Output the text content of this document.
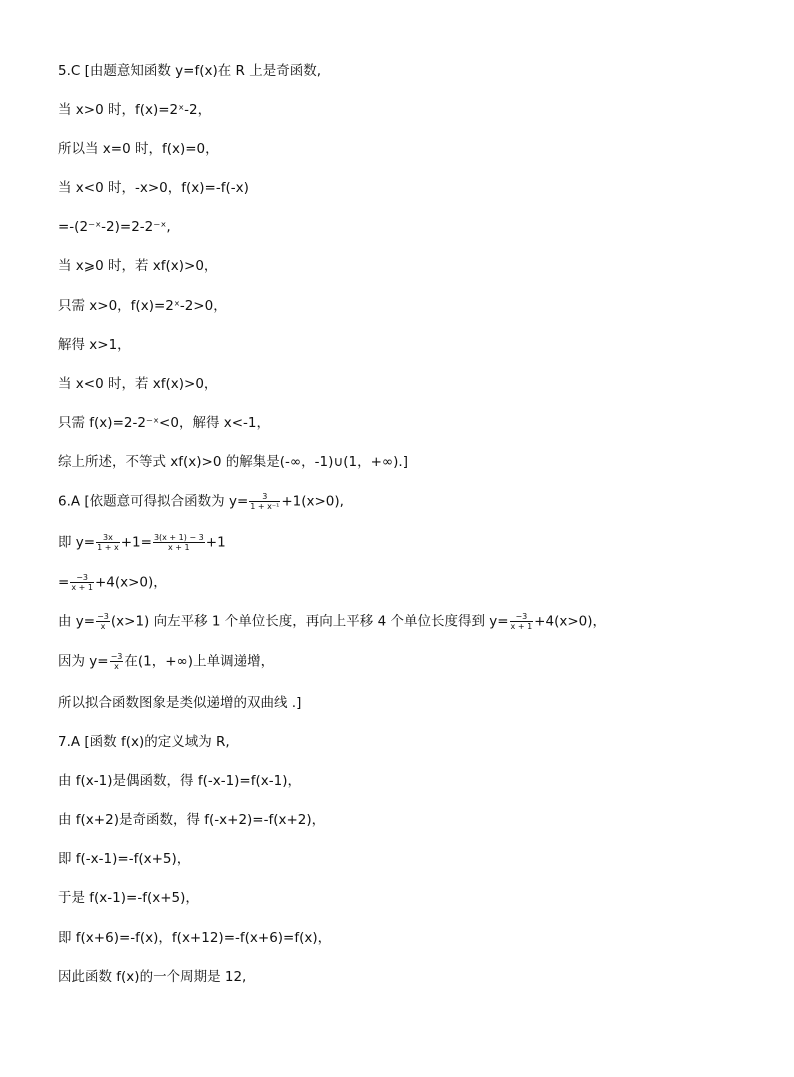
5.C [由题意知函数 y=f(x)在 R 上是奇函数,
当 x>0 时，f(x)=2ˣ-2，
所以当 x=0 时，f(x)=0，
当 x<0 时，-x>0，f(x)=-f(-x)
=-(2⁻ˣ-2)=2-2⁻ˣ,
当 x⩾0 时，若 xf(x)>0，
只需 x>0，f(x)=2ˣ-2>0，
解得 x>1，
当 x<0 时，若 xf(x)>0，
只需 f(x)=2-2⁻ˣ<0，解得 x<-1，
综上所述，不等式 xf(x)>0 的解集是(-∞，-1)∪(1，+∞).]
6.A [依题意可得拟合函数为 $y= \frac{3}{\text{1 + x⁻¹}} +1(x>0)$,
即 $y= \frac{3x}{1 + x} +1= \frac{3(x + 1) - 3}{x + 1} +1$
= $\frac{-3}{x + 1} +4(x>0)$，
由 $y= \frac{-3}{x} (x>1)$ 向左平移 1 个单位长度，再向上平移 4 个单位长度得到 $y= \frac{-3}{x + 1} +4(x>0)$，
因为 $y= \frac{-3}{x}$ 在(1，+∞)上单调递增，
所以拟合函数图象是类似递增的双曲线 .]
7.A [函数 f(x)的定义域为 R,
由 f(x-1)是偶函数，得 f(-x-1)=f(x-1)，
由 f(x+2)是奇函数，得 f(-x+2)=-f(x+2)，
即 f(-x-1)=-f(x+5)，
于是 f(x-1)=-f(x+5)，
即 f(x+6)=-f(x)，f(x+12)=-f(x+6)=f(x)，
因此函数 f(x)的一个周期是 12,
